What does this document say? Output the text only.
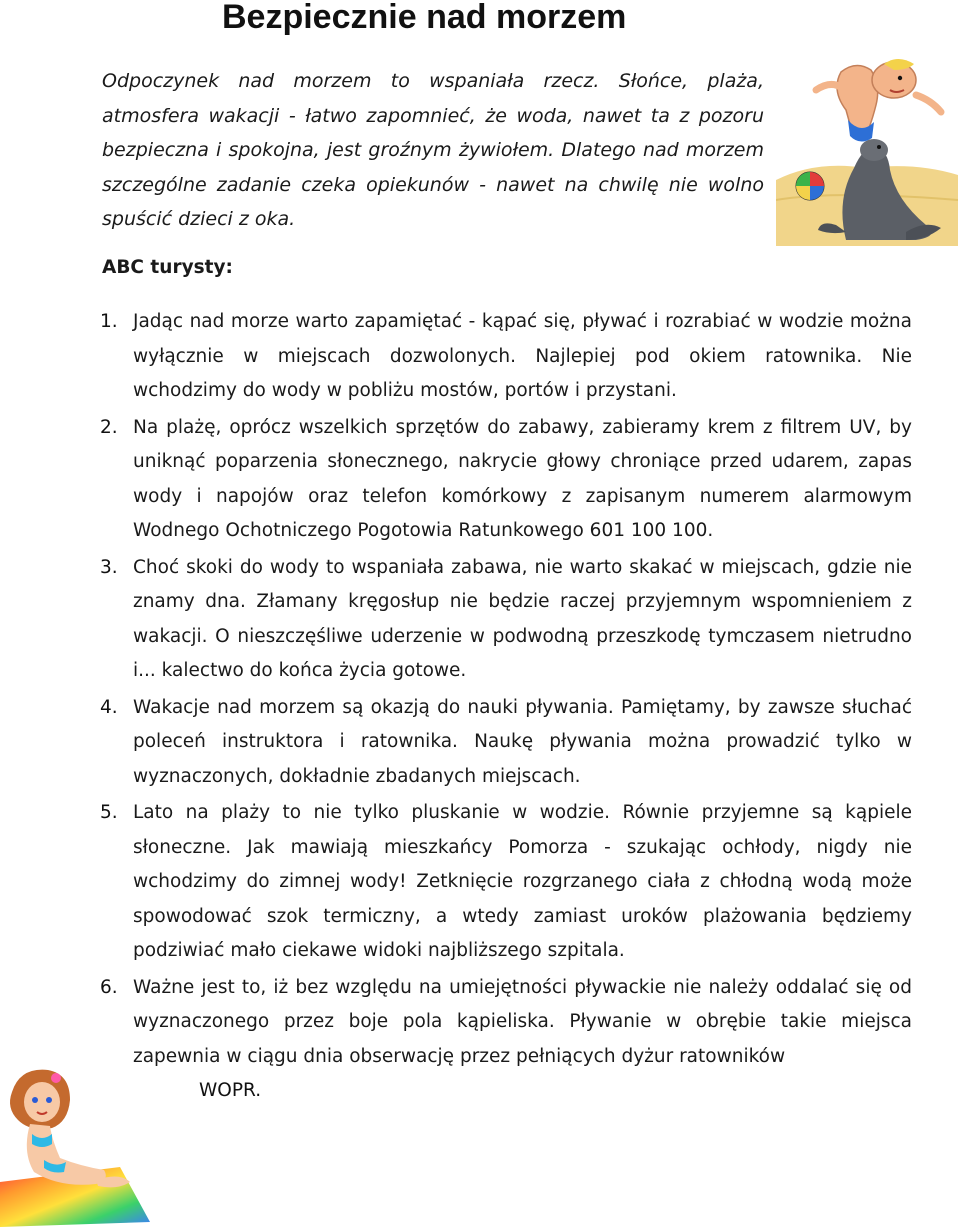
Bezpiecznie nad morzem

Odpoczynek nad morzem to wspaniała rzecz. Słońce, plaża, atmosfera wakacji - łatwo zapomnieć, że woda, nawet ta z pozoru bezpieczna i spokojna, jest groźnym żywiołem. Dlatego nad morzem szczególne zadanie czeka opiekunów - nawet na chwilę nie wolno spuścić dzieci z oka.

ABC turysty:
1. Jadąc nad morze warto zapamiętać - kąpać się, pływać i rozrabiać w wodzie można wyłącznie w miejscach dozwolonych. Najlepiej pod okiem ratownika. Nie wchodzimy do wody w pobliżu mostów, portów i przystani.
2. Na plażę, oprócz wszelkich sprzętów do zabawy, zabieramy krem z filtrem UV, by uniknąć poparzenia słonecznego, nakrycie głowy chroniące przed udarem, zapas wody i napojów oraz telefon komórkowy z zapisanym numerem alarmowym Wodnego Ochotniczego Pogotowia Ratunkowego 601 100 100.
3. Choć skoki do wody to wspaniała zabawa, nie warto skakać w miejscach, gdzie nie znamy dna. Złamany kręgosłup nie będzie raczej przyjemnym wspomnieniem z wakacji. O nieszczęśliwe uderzenie w podwodną przeszkodę tymczasem nietrudno i... kalectwo do końca życia gotowe.
4. Wakacje nad morzem są okazją do nauki pływania. Pamiętamy, by zawsze słuchać poleceń instruktora i ratownika. Naukę pływania można prowadzić tylko w wyznaczonych, dokładnie zbadanych miejscach.
5. Lato na plaży to nie tylko pluskanie w wodzie. Równie przyjemne są kąpiele słoneczne. Jak mawiają mieszkańcy Pomorza - szukając ochłody, nigdy nie wchodzimy do zimnej wody! Zetknięcie rozgrzanego ciała z chłodną wodą może spowodować szok termiczny, a wtedy zamiast uroków plażowania będziemy podziwiać mało ciekawe widoki najbliższego szpitala.
6. Ważne jest to, iż bez względu na umiejętności pływackie nie należy oddalać się od wyznaczonego przez boje pola kąpieliska. Pływanie w obrębie takie miejsca zapewnia w ciągu dnia obserwację przez pełniących dyżur ratowników
WOPR.
